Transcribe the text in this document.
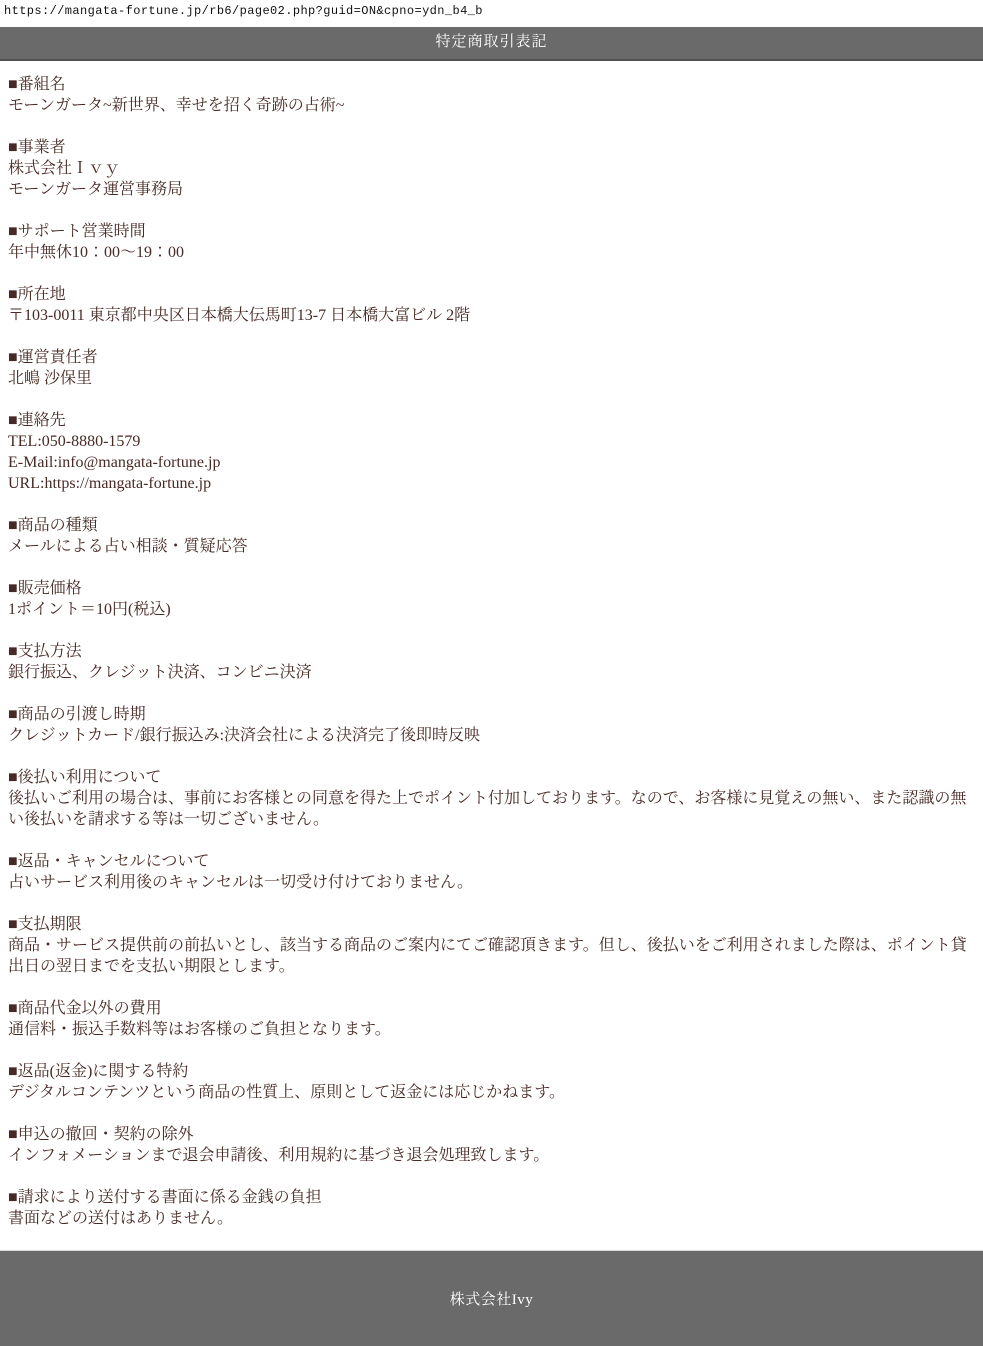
https://mangata-fortune.jp/rb6/page02.php?guid=ON&cpno=ydn_b4_b
特定商取引表記
■番組名
モーンガータ~新世界、幸せを招く奇跡の占術~
■事業者
株式会社Ｉｖｙ
モーンガータ運営事務局
■サポート営業時間
年中無休10：00～19：00
■所在地
〒103-0011 東京都中央区日本橋大伝馬町13-7 日本橋大富ビル 2階
■運営責任者
北嶋 沙保里
■連絡先
TEL:050-8880-1579
E-Mail:info@mangata-fortune.jp
URL:https://mangata-fortune.jp
■商品の種類
メールによる占い相談・質疑応答
■販売価格
1ポイント＝10円(税込)
■支払方法
銀行振込、クレジット決済、コンビニ決済
■商品の引渡し時期
クレジットカード/銀行振込み:決済会社による決済完了後即時反映
■後払い利用について
後払いご利用の場合は、事前にお客様との同意を得た上でポイント付加しております。なので、お客様に見覚えの無い、また認識の無い後払いを請求する等は一切ございません。
■返品・キャンセルについて
占いサービス利用後のキャンセルは一切受け付けておりません。
■支払期限
商品・サービス提供前の前払いとし、該当する商品のご案内にてご確認頂きます。但し、後払いをご利用されました際は、ポイント貸出日の翌日までを支払い期限とします。
■商品代金以外の費用
通信料・振込手数料等はお客様のご負担となります。
■返品(返金)に関する特約
デジタルコンテンツという商品の性質上、原則として返金には応じかねます。
■申込の撤回・契約の除外
インフォメーションまで退会申請後、利用規約に基づき退会処理致します。
■請求により送付する書面に係る金銭の負担
書面などの送付はありません。
株式会社Ivy
